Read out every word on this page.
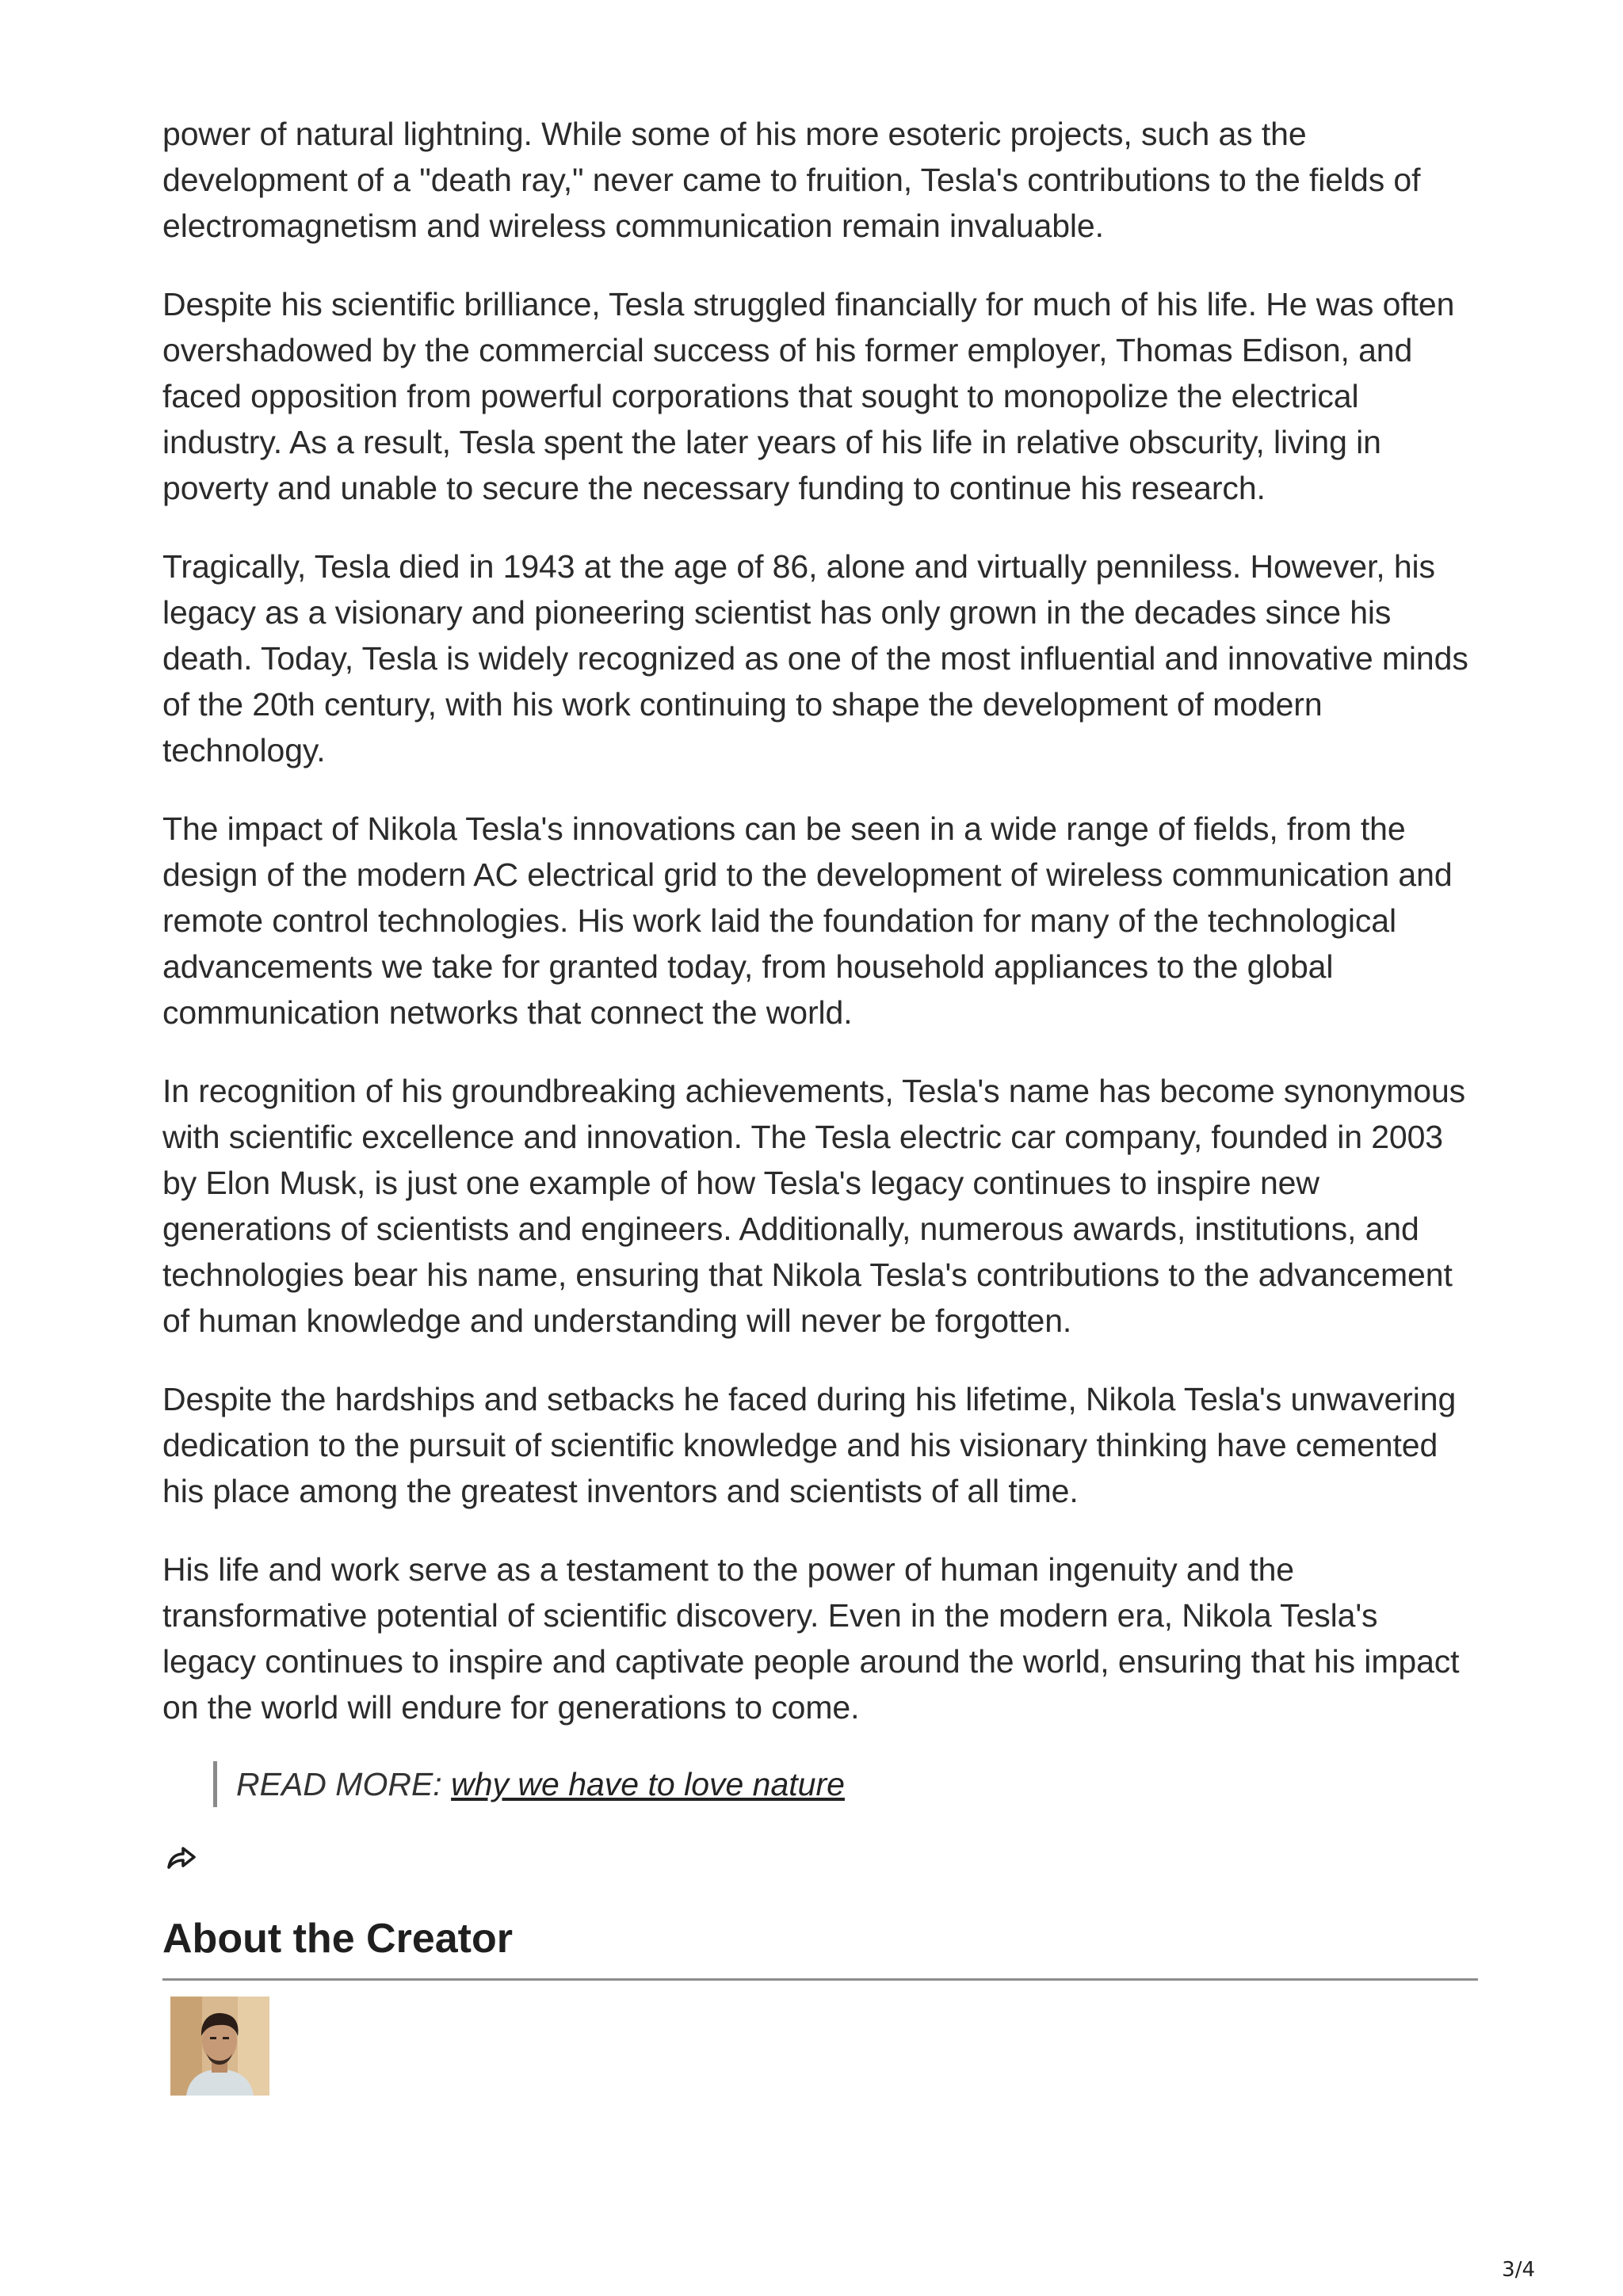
power of natural lightning. While some of his more esoteric projects, such as the development of a "death ray," never came to fruition, Tesla's contributions to the fields of electromagnetism and wireless communication remain invaluable.

Despite his scientific brilliance, Tesla struggled financially for much of his life. He was often overshadowed by the commercial success of his former employer, Thomas Edison, and faced opposition from powerful corporations that sought to monopolize the electrical industry. As a result, Tesla spent the later years of his life in relative obscurity, living in poverty and unable to secure the necessary funding to continue his research.

Tragically, Tesla died in 1943 at the age of 86, alone and virtually penniless. However, his legacy as a visionary and pioneering scientist has only grown in the decades since his death. Today, Tesla is widely recognized as one of the most influential and innovative minds of the 20th century, with his work continuing to shape the development of modern technology.

The impact of Nikola Tesla's innovations can be seen in a wide range of fields, from the design of the modern AC electrical grid to the development of wireless communication and remote control technologies. His work laid the foundation for many of the technological advancements we take for granted today, from household appliances to the global communication networks that connect the world.

In recognition of his groundbreaking achievements, Tesla's name has become synonymous with scientific excellence and innovation. The Tesla electric car company, founded in 2003 by Elon Musk, is just one example of how Tesla's legacy continues to inspire new generations of scientists and engineers. Additionally, numerous awards, institutions, and technologies bear his name, ensuring that Nikola Tesla's contributions to the advancement of human knowledge and understanding will never be forgotten.

Despite the hardships and setbacks he faced during his lifetime, Nikola Tesla's unwavering dedication to the pursuit of scientific knowledge and his visionary thinking have cemented his place among the greatest inventors and scientists of all time.

His life and work serve as a testament to the power of human ingenuity and the transformative potential of scientific discovery. Even in the modern era, Nikola Tesla's legacy continues to inspire and captivate people around the world, ensuring that his impact on the world will endure for generations to come.

READ MORE: why we have to love nature
About the Creator
3/4
